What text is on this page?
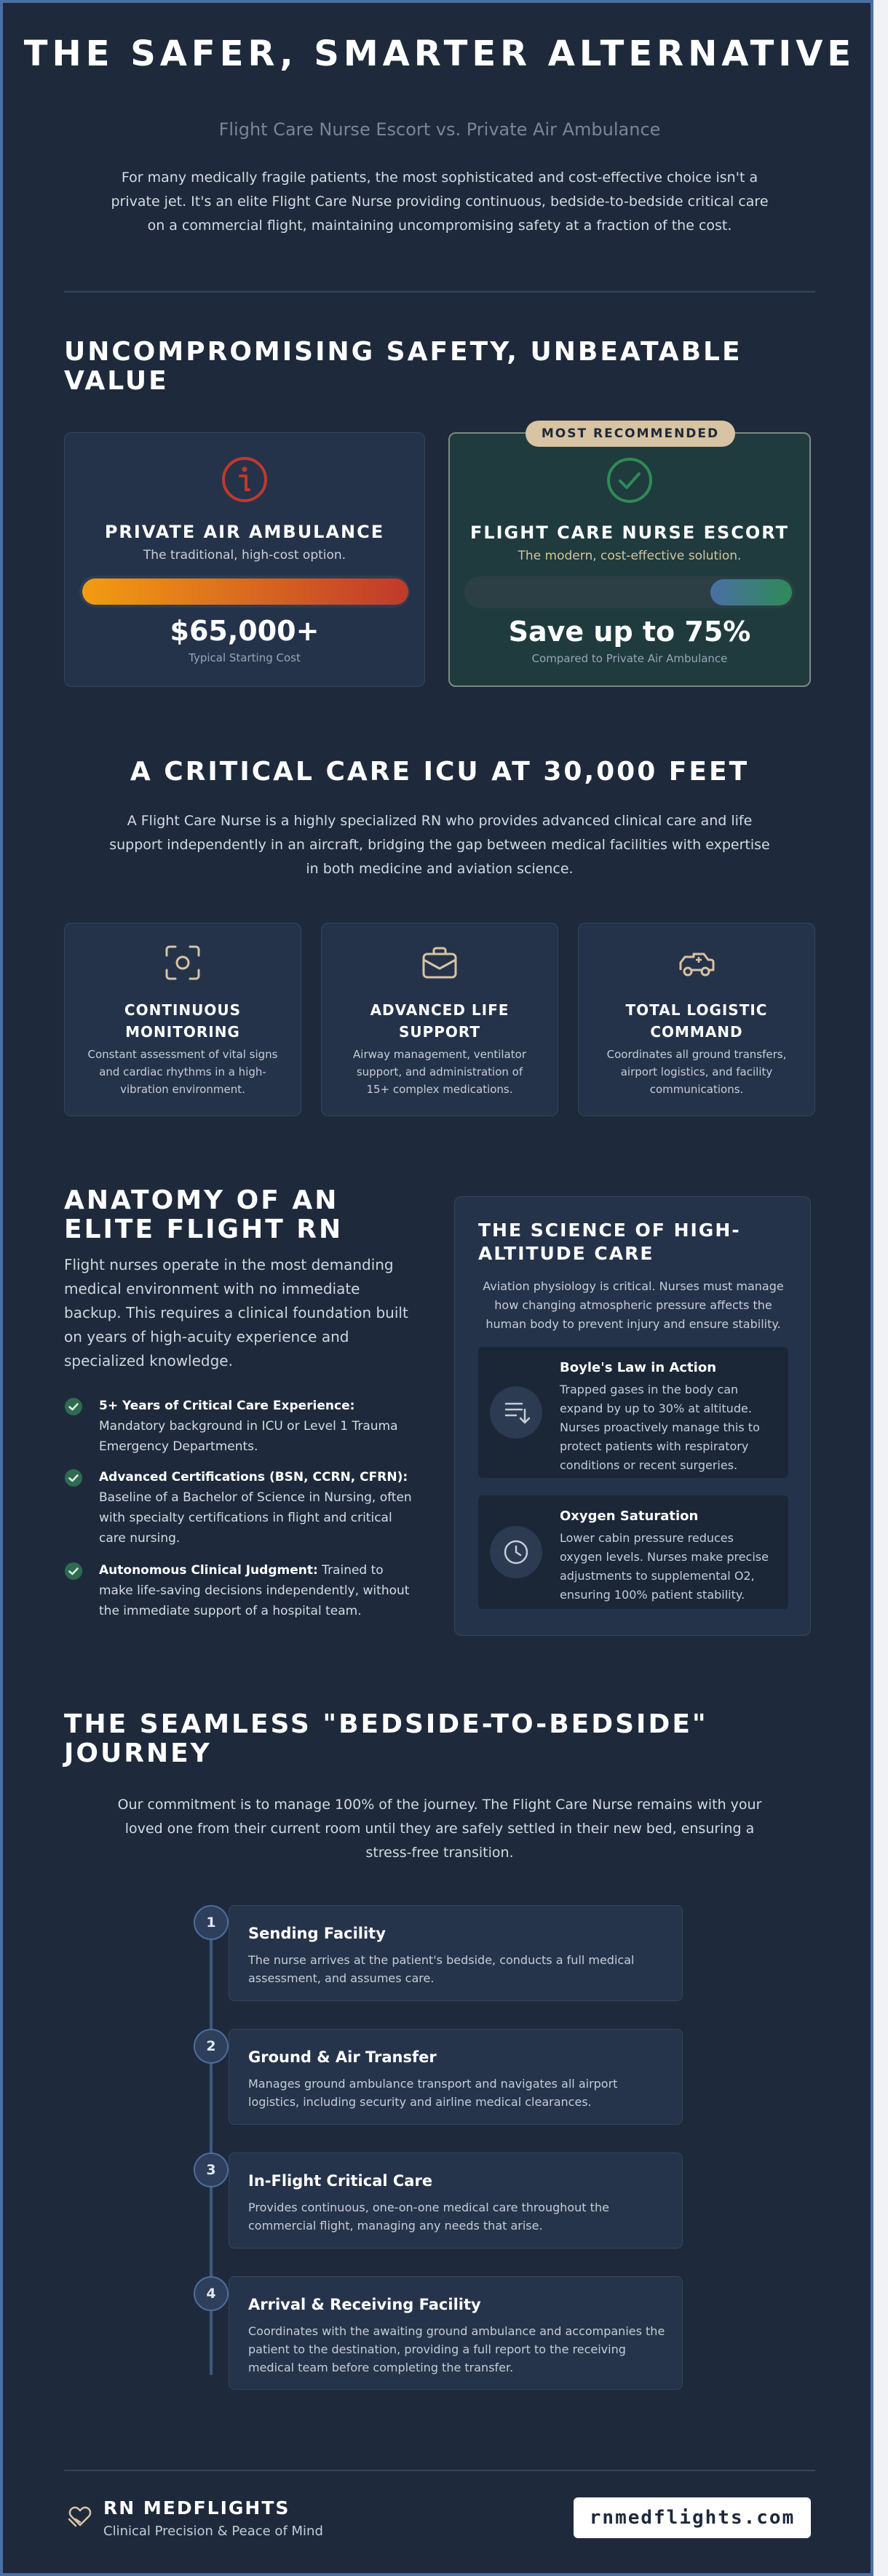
THE SAFER, SMARTER ALTERNATIVE
Flight Care Nurse Escort vs. Private Air Ambulance
For many medically fragile patients, the most sophisticated and cost-effective choice isn't a private jet. It's an elite Flight Care Nurse providing continuous, bedside-to-bedside critical care on a commercial flight, maintaining uncompromising safety at a fraction of the cost.
UNCOMPROMISING SAFETY, UNBEATABLE VALUE
PRIVATE AIR AMBULANCE
The traditional, high-cost option.
$65,000+
Typical Starting Cost
MOST RECOMMENDED
FLIGHT CARE NURSE ESCORT
The modern, cost-effective solution.
Save up to 75%
Compared to Private Air Ambulance
A CRITICAL CARE ICU AT 30,000 FEET
A Flight Care Nurse is a highly specialized RN who provides advanced clinical care and life support independently in an aircraft, bridging the gap between medical facilities with expertise in both medicine and aviation science.
CONTINUOUS MONITORING
Constant assessment of vital signs and cardiac rhythms in a high-vibration environment.
ADVANCED LIFE SUPPORT
Airway management, ventilator support, and administration of 15+ complex medications.
TOTAL LOGISTIC COMMAND
Coordinates all ground transfers, airport logistics, and facility communications.
ANATOMY OF AN ELITE FLIGHT RN
Flight nurses operate in the most demanding medical environment with no immediate backup. This requires a clinical foundation built on years of high-acuity experience and specialized knowledge.
5+ Years of Critical Care Experience: Mandatory background in ICU or Level 1 Trauma Emergency Departments.
Advanced Certifications (BSN, CCRN, CFRN): Baseline of a Bachelor of Science in Nursing, often with specialty certifications in flight and critical care nursing.
Autonomous Clinical Judgment: Trained to make life-saving decisions independently, without the immediate support of a hospital team.
THE SCIENCE OF HIGH-ALTITUDE CARE
Aviation physiology is critical. Nurses must manage how changing atmospheric pressure affects the human body to prevent injury and ensure stability.
Boyle's Law in Action
Trapped gases in the body can expand by up to 30% at altitude. Nurses proactively manage this to protect patients with respiratory conditions or recent surgeries.
Oxygen Saturation
Lower cabin pressure reduces oxygen levels. Nurses make precise adjustments to supplemental O2, ensuring 100% patient stability.
THE SEAMLESS "BEDSIDE-TO-BEDSIDE" JOURNEY
Our commitment is to manage 100% of the journey. The Flight Care Nurse remains with your loved one from their current room until they are safely settled in their new bed, ensuring a stress-free transition.
1
Sending Facility
The nurse arrives at the patient's bedside, conducts a full medical assessment, and assumes care.
2
Ground & Air Transfer
Manages ground ambulance transport and navigates all airport logistics, including security and airline medical clearances.
3
In-Flight Critical Care
Provides continuous, one-on-one medical care throughout the commercial flight, managing any needs that arise.
4
Arrival & Receiving Facility
Coordinates with the awaiting ground ambulance and accompanies the patient to the destination, providing a full report to the receiving medical team before completing the transfer.
RN MEDFLIGHTS
Clinical Precision & Peace of Mind
rnmedflights.com
